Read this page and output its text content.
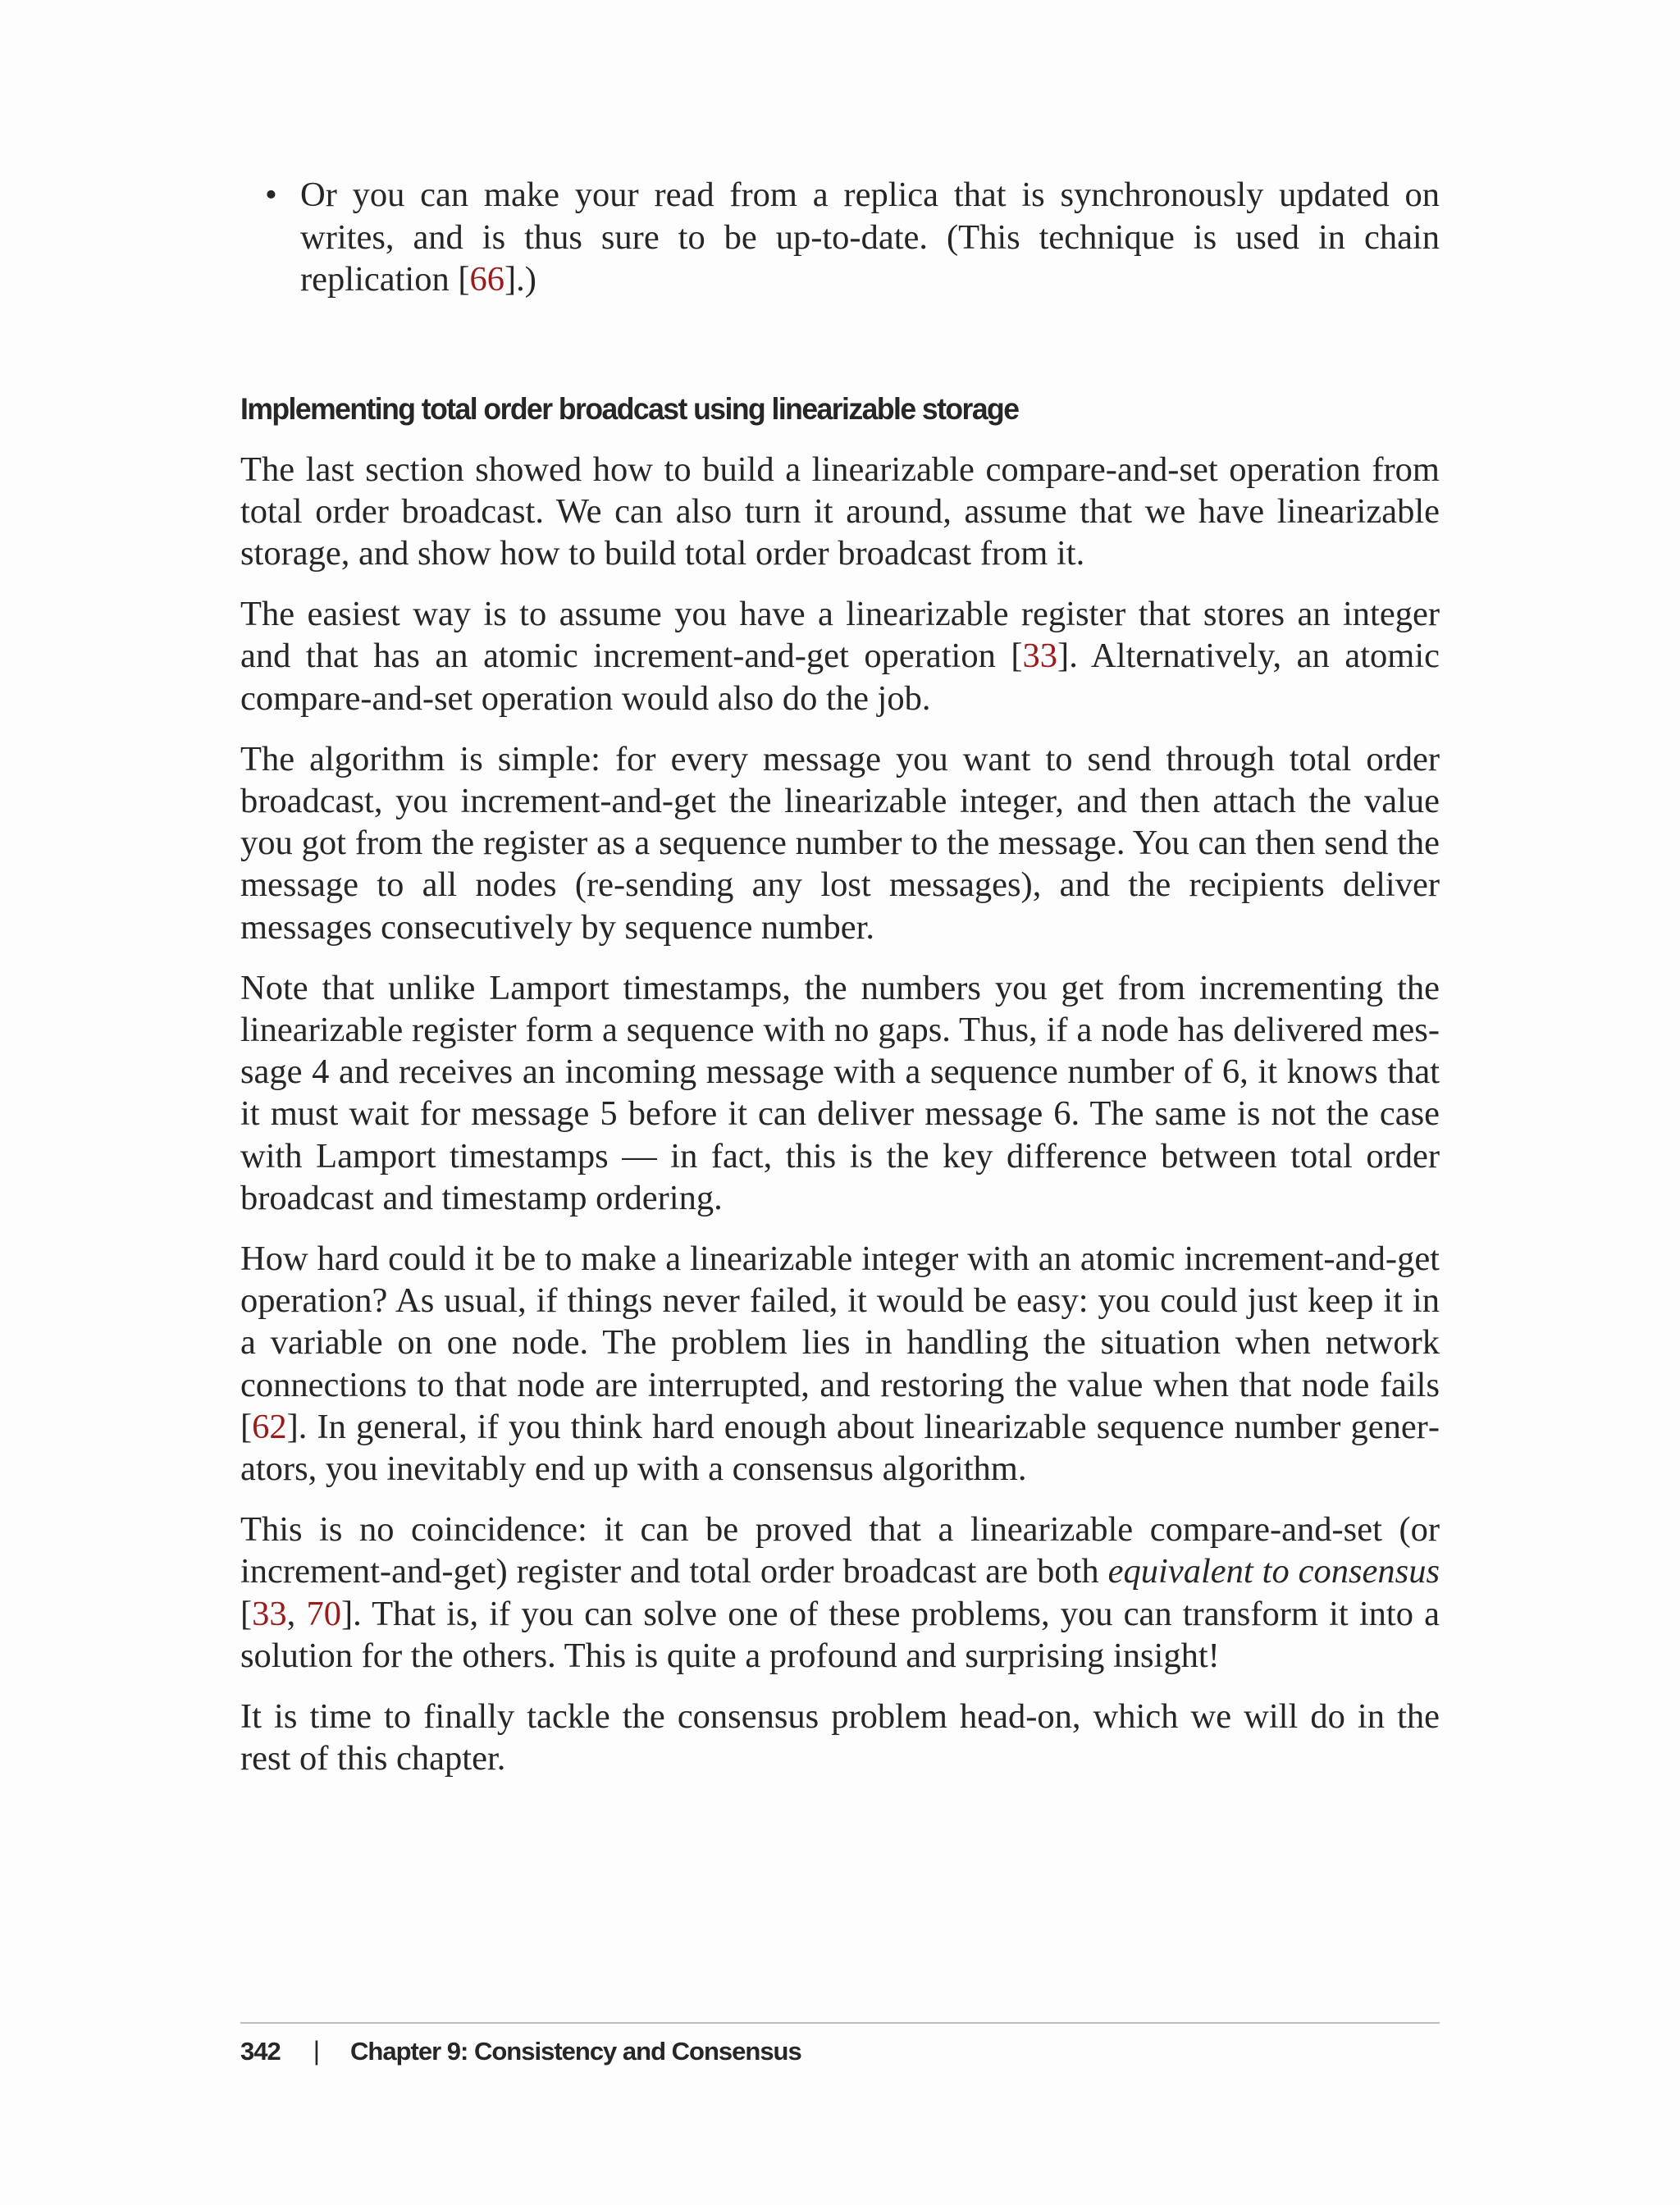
• Or you can make your read from a replica that is synchronously updated on writes, and is thus sure to be up-to-date. (This technique is used in chain replication [66].)
Implementing total order broadcast using linearizable storage

The last section showed how to build a linearizable compare-and-set operation from total order broadcast. We can also turn it around, assume that we have linearizable storage, and show how to build total order broadcast from it.

The easiest way is to assume you have a linearizable register that stores an integer and that has an atomic increment-and-get operation [33]. Alternatively, an atomic compare-and-set operation would also do the job.

The algorithm is simple: for every message you want to send through total order broadcast, you increment-and-get the linearizable integer, and then attach the value you got from the register as a sequence number to the message. You can then send the message to all nodes (re-sending any lost messages), and the recipients deliver messages consecutively by sequence number.

Note that unlike Lamport timestamps, the numbers you get from incrementing the linearizable register form a sequence with no gaps. Thus, if a node has delivered message 4 and receives an incoming message with a sequence number of 6, it knows that it must wait for message 5 before it can deliver message 6. The same is not the case with Lamport timestamps — in fact, this is the key difference between total order broadcast and timestamp ordering.

How hard could it be to make a linearizable integer with an atomic increment-and-get operation? As usual, if things never failed, it would be easy: you could just keep it in a variable on one node. The problem lies in handling the situation when network connections to that node are interrupted, and restoring the value when that node fails [62]. In general, if you think hard enough about linearizable sequence number generators, you inevitably end up with a consensus algorithm.

This is no coincidence: it can be proved that a linearizable compare-and-set (or increment-and-get) register and total order broadcast are both equivalent to consensus [33, 70]. That is, if you can solve one of these problems, you can transform it into a solution for the others. This is quite a profound and surprising insight!

It is time to finally tackle the consensus problem head-on, which we will do in the rest of this chapter.

342 | Chapter 9: Consistency and Consensus
